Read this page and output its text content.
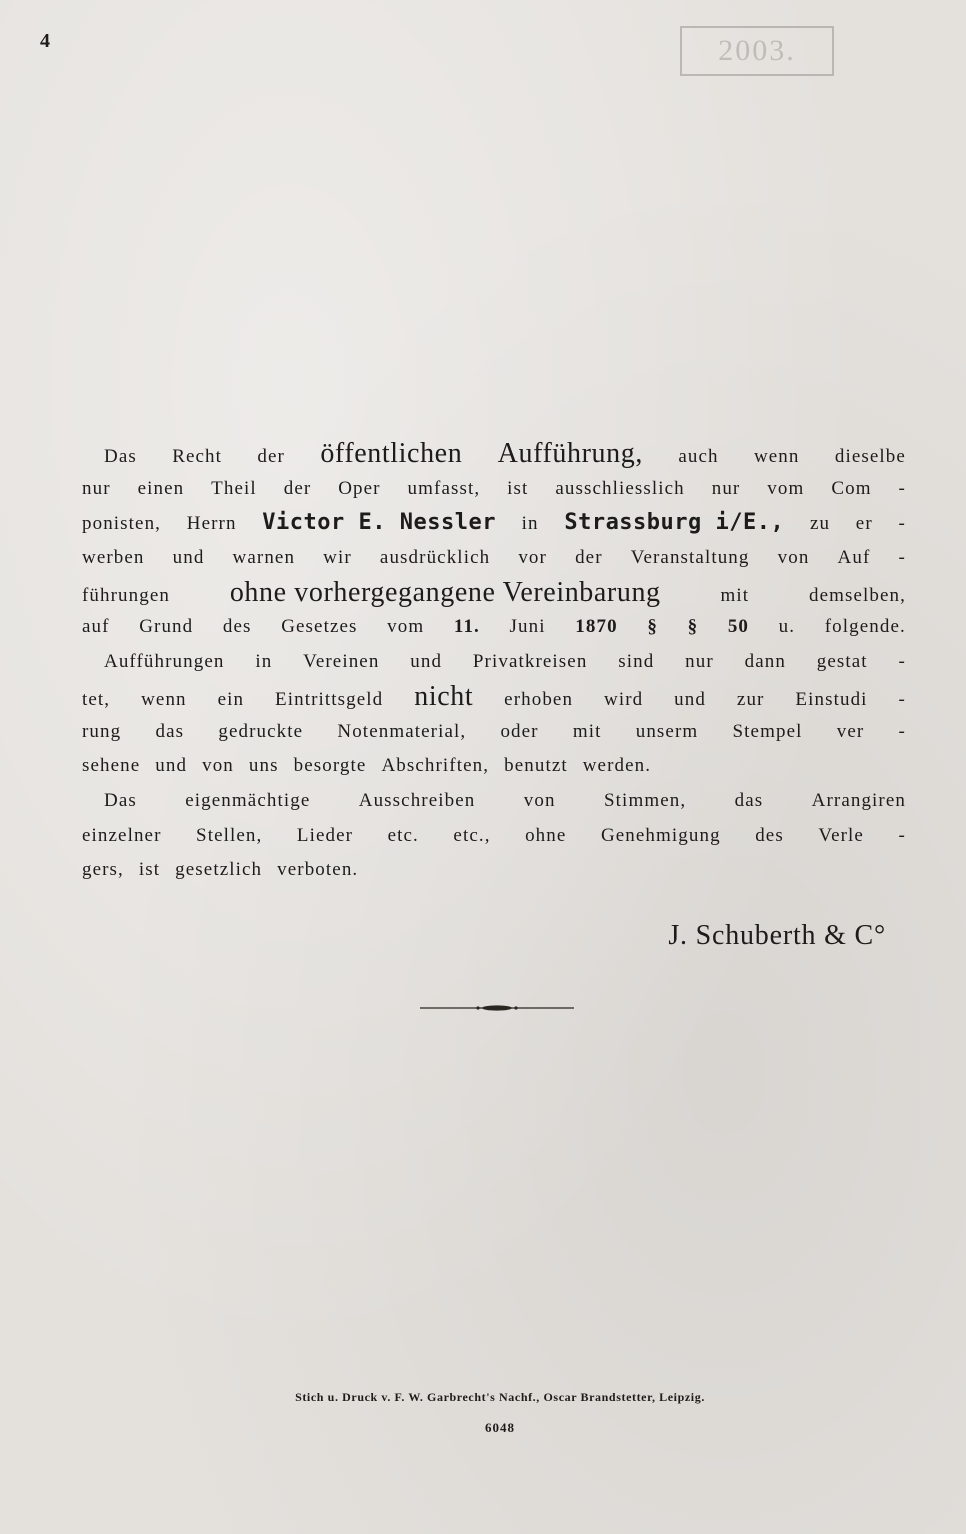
4	2003.
Das Recht der öffentlichen Aufführung, auch wenn dieselbe
nur einen Theil der Oper umfasst, ist ausschliesslich nur vom Com -
ponisten, Herrn Victor E. Nessler in Strassburg i/E., zu er -
werben und warnen wir ausdrücklich vor der Veranstaltung von Auf -
führungen ohne vorhergegangene Vereinbarung	mit	demselben,
auf Grund des Gesetzes vom 11. Juni 1870 § § 50 u. folgende.
Aufführungen in Vereinen und Privatkreisen sind nur dann gestat -
tet, wenn ein Eintrittsgeld nicht erhoben wird und zur Einstudi -
rung das gedruckte Notenmaterial, oder mit unserm Stempel ver -
sehene und von uns besorgte Abschriften, benutzt werden.
Das	eigenmächtige	Ausschreiben	von	Stimmen,	das	Arrangiren
einzelner Stellen, Lieder etc. etc., ohne Genehmigung des Verle -
gers, ist gesetzlich verboten.
J. Schuberth & C°
Stich u. Druck v. F. W. Garbrecht's Nachf., Oscar Brandstetter, Leipzig.
6048
